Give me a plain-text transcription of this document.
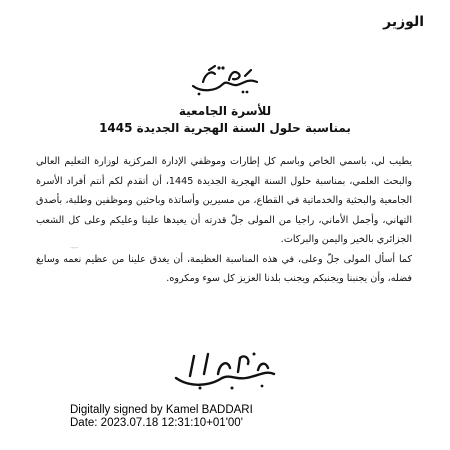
الوزير
للأسرة الجامعية
بمناسبة حلول السنة الهجرية الجديدة 1445

يطيب لي، باسمي الخاص وباسم كل إطارات وموظفي الإدارة المركزية لوزارة التعليم العالي والبحث العلمي، بمناسبة حلول السنة الهجرية الجديدة 1445، أن أتقدم لكم أنتم أفراد الأسرة الجامعية والبحثية والخدماتية في القطاع، من مسيرين وأساتذة وباحثين وموظفين وطلبة، بأصدق التهاني، وأجمل الأماني، راجيا من المولى جلّ قدرته أن يعيدها علينا وعليكم وعلى كل الشعب الجزائري بالخير واليمن والبركات.

كما أسأل المولى جلّ وعلى، في هذه المناسبة العظيمة، أن يغدق علينا من عظيم نعمه وسابغ فضله، وأن يجنبنا ويجنبكم ويجنب بلدنا العزيز كل سوء ومكروه.

كل عام وأنتم بخير
Digitally signed by Kamel BADDARI
Date: 2023.07.18 12:31:10+01'00'
